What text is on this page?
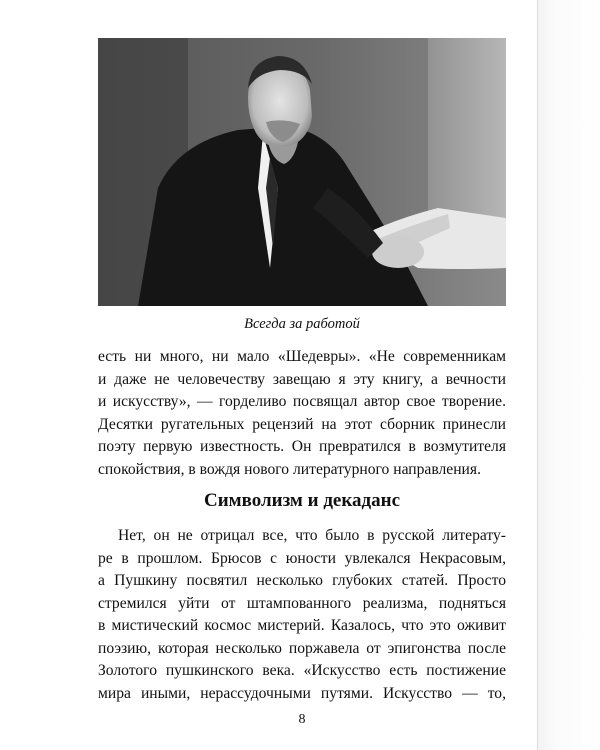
Всегда за работой
есть ни много, ни мало «Шедевры». «Не современникам
и даже не человечеству завещаю я эту книгу, а вечности
и искусству», — горделиво посвящал автор свое творение.
Десятки ругательных рецензий на этот сборник принесли
поэту первую известность. Он превратился в возмутителя
спокойствия, в вождя нового литературного направления.
Символизм и декаданс
Нет, он не отрицал все, что было в русской литерату-
ре в прошлом. Брюсов с юности увлекался Некрасовым,
а Пушкину посвятил несколько глубоких статей. Просто
стремился уйти от штампованного реализма, подняться
в мистический космос мистерий. Казалось, что это оживит
поэзию, которая несколько поржавела от эпигонства после
Золотого пушкинского века. «Искусство есть постижение
мира иными, нерассудочными путями. Искусство — то,
8
